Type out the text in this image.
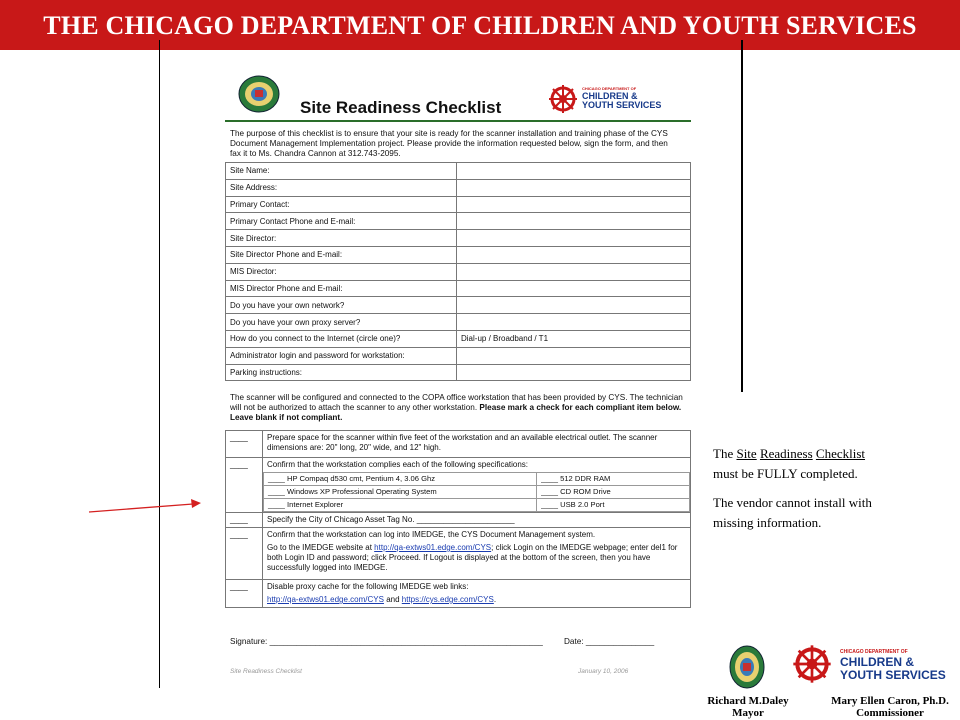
THE CHICAGO DEPARTMENT OF CHILDREN AND YOUTH SERVICES
Site Readiness Checklist
CHICAGO DEPARTMENT OF
CHILDREN &
YOUTH SERVICES
The purpose of this checklist is to ensure that your site is ready for the scanner installation and training phase of the CYS Document Management Implementation project. Please provide the information requested below, sign the form, and then fax it to Ms. Chandra Cannon at 312.743-2095.
Site Name:	
Site Address:	
Primary Contact:	
Primary Contact Phone and E-mail:	
Site Director:	
Site Director Phone and E-mail:	
MIS Director:	
MIS Director Phone and E-mail:	
Do you have your own network?	
Do you have your own proxy server?	
How do you connect to the Internet (circle one)?	Dial-up / Broadband / T1
Administrator login and password for workstation:	
Parking instructions:	
The scanner will be configured and connected to the COPA office workstation that has been provided by CYS. The technician will not be authorized to attach the scanner to any other workstation. Please mark a check for each compliant item below. Leave blank if not compliant.
____	Prepare space for the scanner within five feet of the workstation and an available electrical outlet. The scanner dimensions are: 20" long, 20" wide, and 12" high.
____	Confirm that the workstation complies each of the following specifications:
____ HP Compaq d530 cmt, Pentium 4, 3.06 Ghz	____ 512 DDR RAM
____ Windows XP Professional Operating System	____ CD ROM Drive
____ Internet Explorer	____ USB 2.0 Port

____	Specify the City of Chicago Asset Tag No. ______________________
____	Confirm that the workstation can log into IMEDGE, the CYS Document Management system.
Go to the IMEDGE website at http://qa-extws01.edge.com/CYS; click Login on the IMEDGE webpage; enter del1 for both Login ID and password; click Proceed. If Logout is displayed at the bottom of the screen, then you have successfully logged into IMEDGE.

____	Disable proxy cache for the following IMEDGE web links:
http://qa-extws01.edge.com/CYS and https://cys.edge.com/CYS.
Signature: ____________________________________________________________	Date: _______________
Site Readiness Checklist	January 10, 2006
The Site Readiness Checklist
must be FULLY completed.
The vendor cannot install with
missing information.
CHICAGO DEPARTMENT OF
CHILDREN &
YOUTH SERVICES
Richard M.Daley
Mayor
Mary Ellen Caron, Ph.D.
Commissioner
